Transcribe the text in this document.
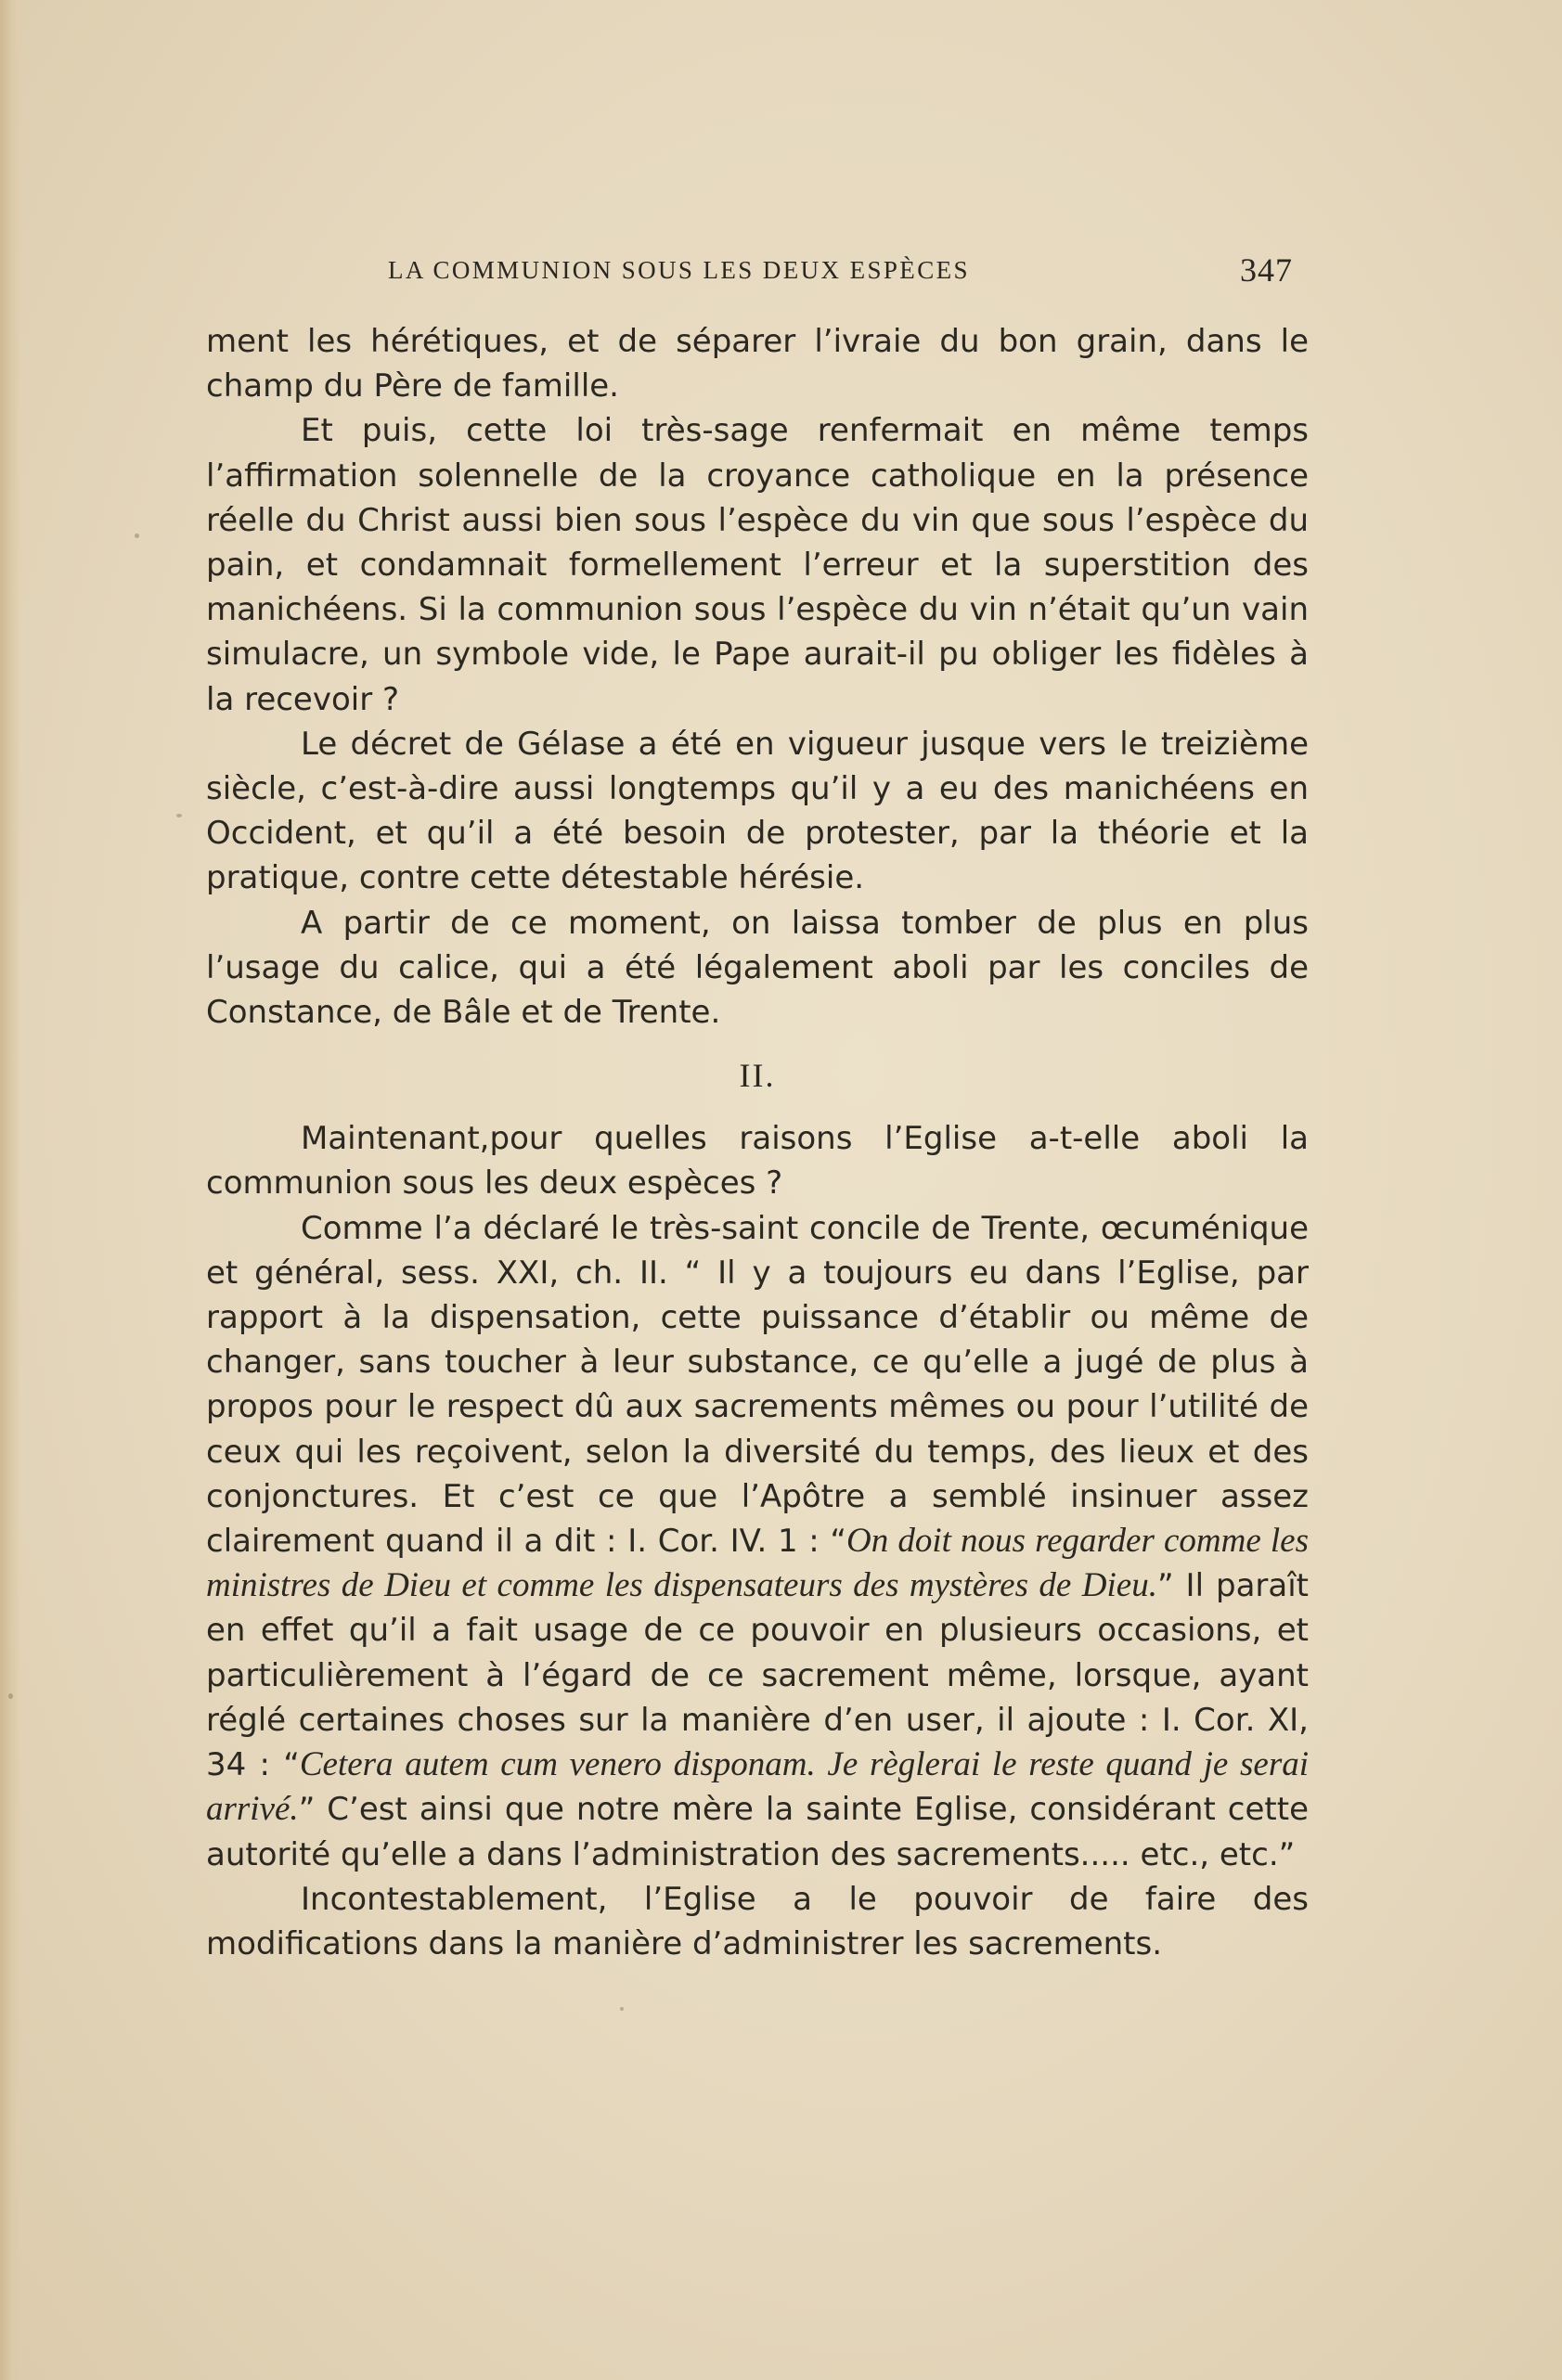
LA COMMUNION SOUS LES DEUX ESPÈCES	347

ment les hérétiques, et de séparer l’ivraie du bon grain, dans le champ du Père de famille.

Et puis, cette loi très-sage renfermait en même temps l’affirmation solennelle de la croyance catholique en la présence réelle du Christ aussi bien sous l’espèce du vin que sous l’espèce du pain, et condamnait formellement l’erreur et la superstition des manichéens. Si la communion sous l’espèce du vin n’était qu’un vain simulacre, un symbole vide, le Pape aurait-il pu obliger les fidèles à la recevoir ?

Le décret de Gélase a été en vigueur jusque vers le treizième siècle, c’est-à-dire aussi longtemps qu’il y a eu des manichéens en Occident, et qu’il a été besoin de protester, par la théorie et la pratique, contre cette détestable hérésie.

A partir de ce moment, on laissa tomber de plus en plus l’usage du calice, qui a été légalement aboli par les conciles de Constance, de Bâle et de Trente.

II.

Maintenant,pour quelles raisons l’Eglise a-t-elle aboli la communion sous les deux espèces ?

Comme l’a déclaré le très-saint concile de Trente, œcuménique et général, sess. XXI, ch. II. “ Il y a toujours eu dans l’Eglise, par rapport à la dispensation, cette puissance d’établir ou même de changer, sans toucher à leur substance, ce qu’elle a jugé de plus à propos pour le respect dû aux sacrements mêmes ou pour l’utilité de ceux qui les reçoivent, selon la diversité du temps, des lieux et des conjonctures. Et c’est ce que l’Apôtre a semblé insinuer assez clairement quand il a dit : I. Cor. IV. 1 : “On doit nous regarder comme les ministres de Dieu et comme les dispensateurs des mystères de Dieu.” Il paraît en effet qu’il a fait usage de ce pouvoir en plusieurs occasions, et particulièrement à l’égard de ce sacrement même, lorsque, ayant réglé certaines choses sur la manière d’en user, il ajoute : I. Cor. XI, 34 : “Cetera autem cum venero disponam. Je règlerai le reste quand je serai arrivé.” C’est ainsi que notre mère la sainte Eglise, considérant cette autorité qu’elle a dans l’administration des sacrements..... etc., etc.”

Incontestablement, l’Eglise a le pouvoir de faire des modifications dans la manière d’administrer les sacrements.
